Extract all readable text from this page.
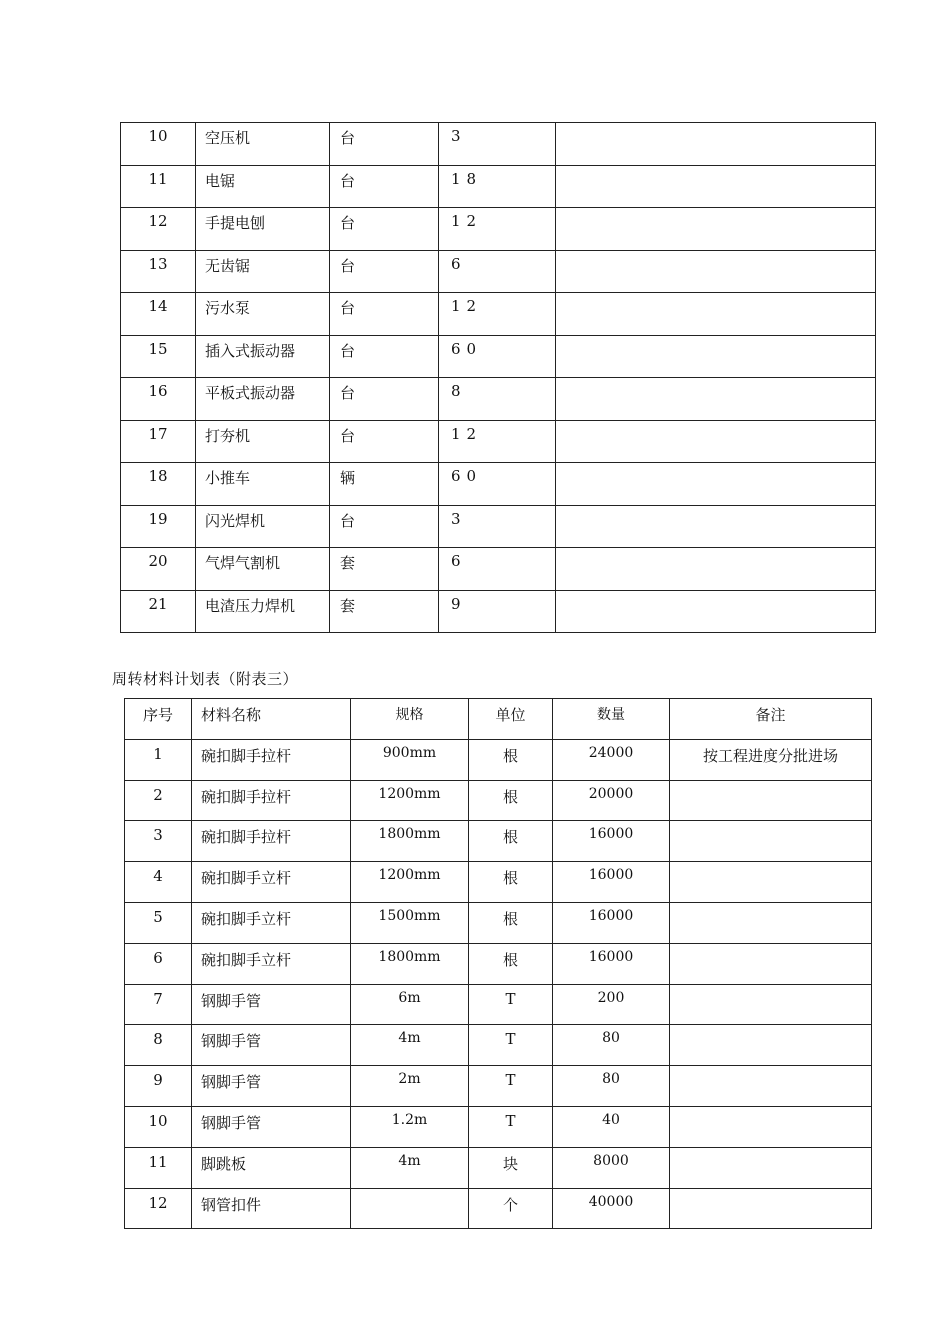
10	空压机	台	3	
11	电锯	台	18	
12	手提电刨	台	12	
13	无齿锯	台	6	
14	污水泵	台	12	
15	插入式振动器	台	60	
16	平板式振动器	台	8	
17	打夯机	台	12	
18	小推车	辆	60	
19	闪光焊机	台	3	
20	气焊气割机	套	6	
21	电渣压力焊机	套	9	
周转材料计划表（附表三）
序号	材料名称	规格	单位	数量	备注
1	碗扣脚手拉杆	900mm	根	24000	按工程进度分批进场
2	碗扣脚手拉杆	1200mm	根	20000	
3	碗扣脚手拉杆	1800mm	根	16000	
4	碗扣脚手立杆	1200mm	根	16000	
5	碗扣脚手立杆	1500mm	根	16000	
6	碗扣脚手立杆	1800mm	根	16000	
7	钢脚手管	6m	T	200	
8	钢脚手管	4m	T	80	
9	钢脚手管	2m	T	80	
10	钢脚手管	1.2m	T	40	
11	脚跳板	4m	块	8000	
12	钢管扣件		个	40000	
